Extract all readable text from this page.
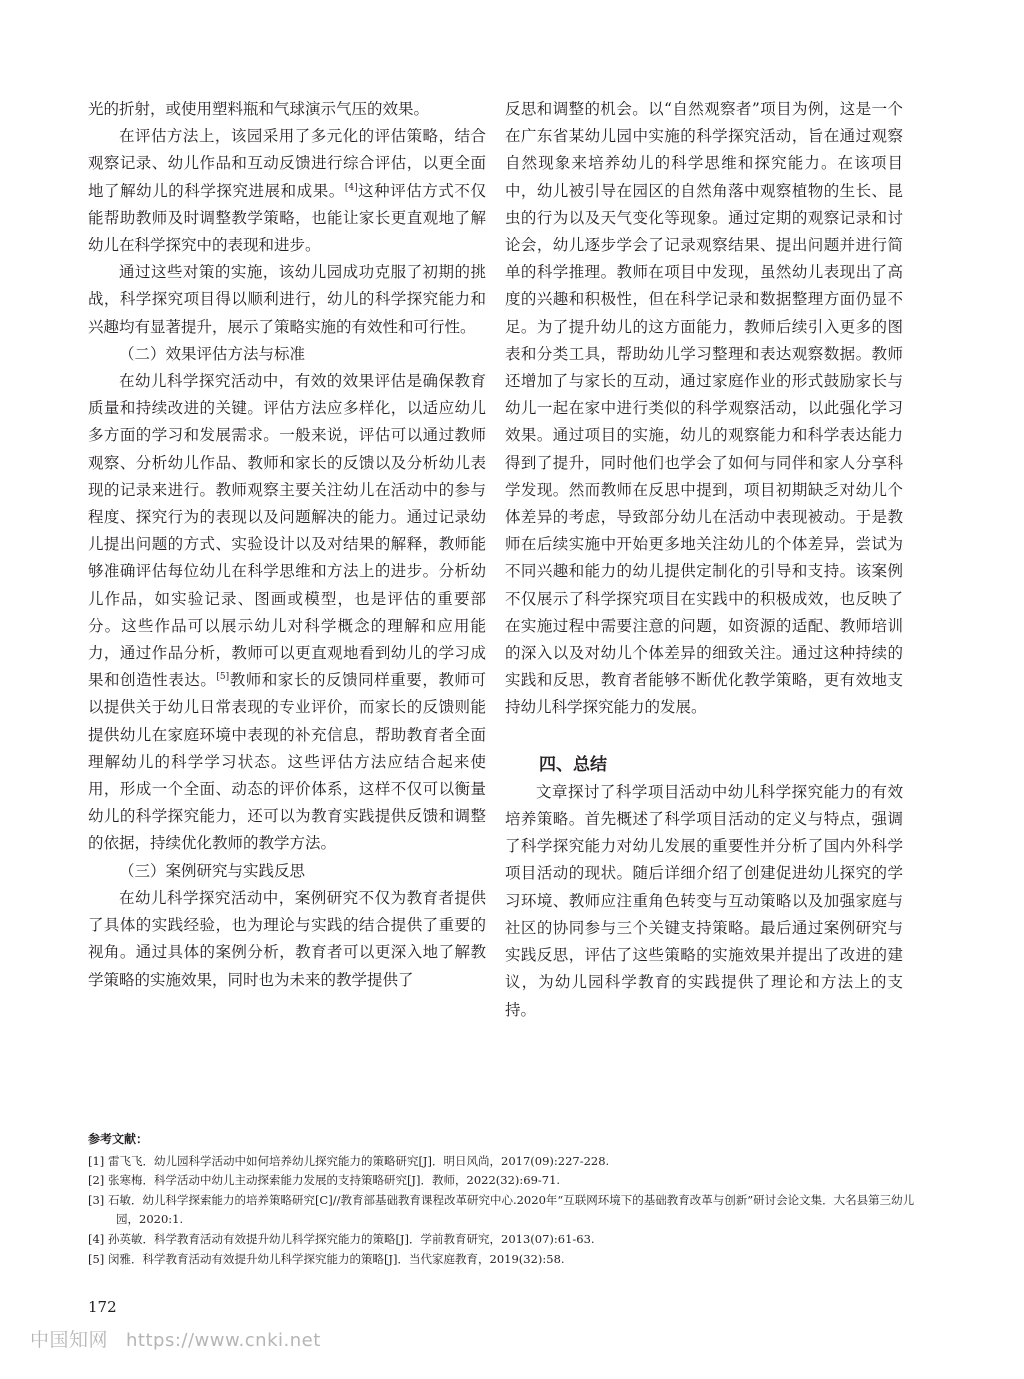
光的折射，或使用塑料瓶和气球演示气压的效果。

在评估方法上，该园采用了多元化的评估策略，结合观察记录、幼儿作品和互动反馈进行综合评估，以更全面地了解幼儿的科学探究进展和成果。[4]这种评估方式不仅能帮助教师及时调整教学策略，也能让家长更直观地了解幼儿在科学探究中的表现和进步。

通过这些对策的实施，该幼儿园成功克服了初期的挑战，科学探究项目得以顺利进行，幼儿的科学探究能力和兴趣均有显著提升，展示了策略实施的有效性和可行性。

（二）效果评估方法与标准

在幼儿科学探究活动中，有效的效果评估是确保教育质量和持续改进的关键。评估方法应多样化，以适应幼儿多方面的学习和发展需求。一般来说，评估可以通过教师观察、分析幼儿作品、教师和家长的反馈以及分析幼儿表现的记录来进行。教师观察主要关注幼儿在活动中的参与程度、探究行为的表现以及问题解决的能力。通过记录幼儿提出问题的方式、实验设计以及对结果的解释，教师能够准确评估每位幼儿在科学思维和方法上的进步。分析幼儿作品，如实验记录、图画或模型，也是评估的重要部分。这些作品可以展示幼儿对科学概念的理解和应用能力，通过作品分析，教师可以更直观地看到幼儿的学习成果和创造性表达。[5]教师和家长的反馈同样重要，教师可以提供关于幼儿日常表现的专业评价，而家长的反馈则能提供幼儿在家庭环境中表现的补充信息，帮助教育者全面理解幼儿的科学学习状态。这些评估方法应结合起来使用，形成一个全面、动态的评价体系，这样不仅可以衡量幼儿的科学探究能力，还可以为教育实践提供反馈和调整的依据，持续优化教师的教学方法。

（三）案例研究与实践反思

在幼儿科学探究活动中，案例研究不仅为教育者提供了具体的实践经验，也为理论与实践的结合提供了重要的视角。通过具体的案例分析，教育者可以更深入地了解教学策略的实施效果，同时也为未来的教学提供了

反思和调整的机会。以“自然观察者”项目为例，这是一个在广东省某幼儿园中实施的科学探究活动，旨在通过观察自然现象来培养幼儿的科学思维和探究能力。在该项目中，幼儿被引导在园区的自然角落中观察植物的生长、昆虫的行为以及天气变化等现象。通过定期的观察记录和讨论会，幼儿逐步学会了记录观察结果、提出问题并进行简单的科学推理。教师在项目中发现，虽然幼儿表现出了高度的兴趣和积极性，但在科学记录和数据整理方面仍显不足。为了提升幼儿的这方面能力，教师后续引入更多的图表和分类工具，帮助幼儿学习整理和表达观察数据。教师还增加了与家长的互动，通过家庭作业的形式鼓励家长与幼儿一起在家中进行类似的科学观察活动，以此强化学习效果。通过项目的实施，幼儿的观察能力和科学表达能力得到了提升，同时他们也学会了如何与同伴和家人分享科学发现。然而教师在反思中提到，项目初期缺乏对幼儿个体差异的考虑，导致部分幼儿在活动中表现被动。于是教师在后续实施中开始更多地关注幼儿的个体差异，尝试为不同兴趣和能力的幼儿提供定制化的引导和支持。该案例不仅展示了科学探究项目在实践中的积极成效，也反映了在实施过程中需要注意的问题，如资源的适配、教师培训的深入以及对幼儿个体差异的细致关注。通过这种持续的实践和反思，教育者能够不断优化教学策略，更有效地支持幼儿科学探究能力的发展。

四、总结

文章探讨了科学项目活动中幼儿科学探究能力的有效培养策略。首先概述了科学项目活动的定义与特点，强调了科学探究能力对幼儿发展的重要性并分析了国内外科学项目活动的现状。随后详细介绍了创建促进幼儿探究的学习环境、教师应注重角色转变与互动策略以及加强家庭与社区的协同参与三个关键支持策略。最后通过案例研究与实践反思，评估了这些策略的实施效果并提出了改进的建议，为幼儿园科学教育的实践提供了理论和方法上的支持。

参考文献：
[1] 雷飞飞．幼儿园科学活动中如何培养幼儿探究能力的策略研究[J]．明日风尚，2017(09):227-228.
[2] 张寒梅．科学活动中幼儿主动探索能力发展的支持策略研究[J]．教师，2022(32):69-71.
[3] 石敏．幼儿科学探索能力的培养策略研究[C]//教育部基础教育课程改革研究中心.2020年“互联网环境下的基础教育改革与创新”研讨会论文集．大名县第三幼儿园，2020:1.
[4] 孙英敏．科学教育活动有效提升幼儿科学探究能力的策略[J]．学前教育研究，2013(07):61-63.
[5] 闵雅．科学教育活动有效提升幼儿科学探究能力的策略[J]．当代家庭教育，2019(32):58.
172
中国知网 https://www.cnki.net
